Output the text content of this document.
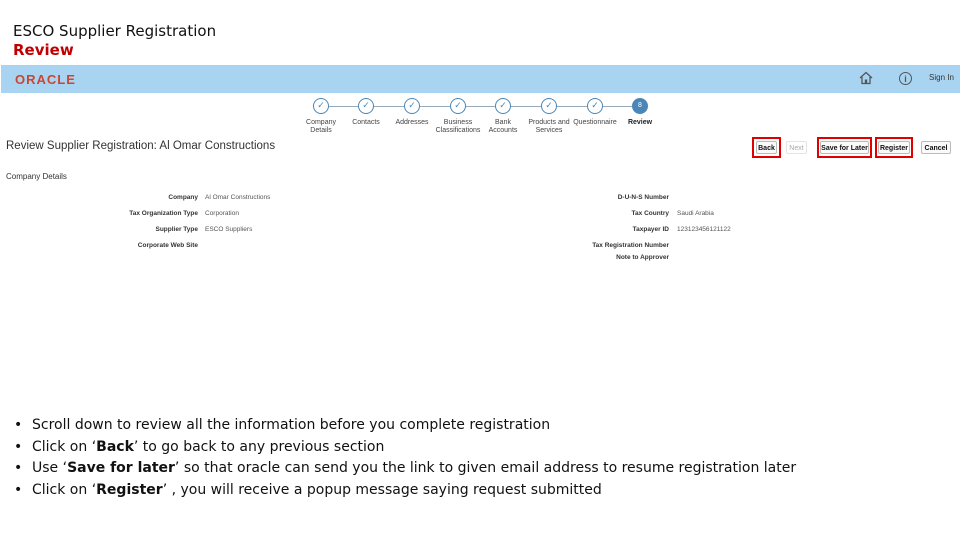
ESCO Supplier Registration
Review
ORACLE	i	Sign In
✓
Company
Details
✓
Contacts
✓
Addresses
✓
Business
Classifications
✓
Bank Accounts
✓
Products and
Services
✓
Questionnaire
8
Review
Review Supplier Registration: Al Omar Constructions	Back	Next	Save for Later Register	Cancel
Company Details
Company Al Omar Constructions
Tax Organization Type Corporation
Supplier Type ESCO Suppliers
Corporate Web Site
D-U-N-S Number
Tax Country Saudi Arabia
Taxpayer ID 123123456121122
Tax Registration Number
Note to Approver
• Scroll down to review all the information before you complete registration
• Click on ‘Back’ to go back to any previous section
• Use ‘Save for later’ so that oracle can send you the link to given email address to resume registration later
• Click on ‘Register’ , you will receive a popup message saying request submitted
